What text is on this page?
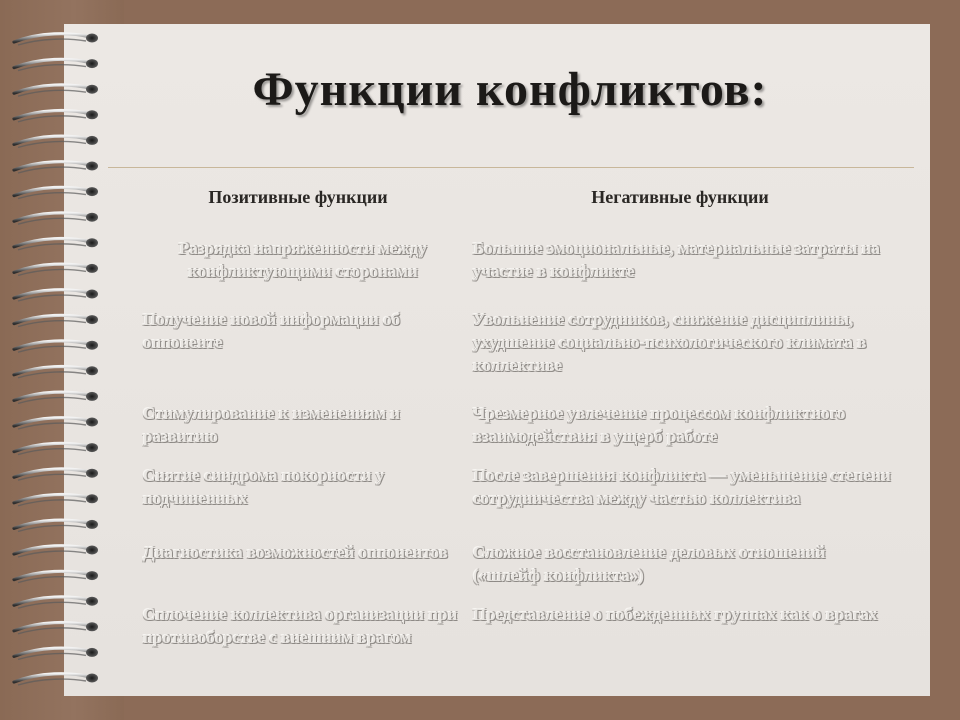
Функции конфликтов:
Позитивные функции	Негативные функции
Разрядка напряженности между конфликтующими сторонами
Большие эмоциональные, материальные затраты на участие в конфликте
Получение новой информации об оппоненте
Увольнение сотрудников, снижение дисциплины, ухудшение социально-психологического климата в коллективе
Стимулирование к изменениям и развитию
Чрезмерное увлечение процессом конфликтного взаимодействия в ущерб работе
Снятие синдрома покорности у подчиненных
После завершения конфликта — уменьшение степени сотрудничества между частью коллектива
Диагностика возможностей оппонентов	Сложное восстановление деловых отношений («шлейф конфликта»)
Сплочение коллектива организации при противоборстве с внешним врагом
Представление о побежденных группах как о врагах
